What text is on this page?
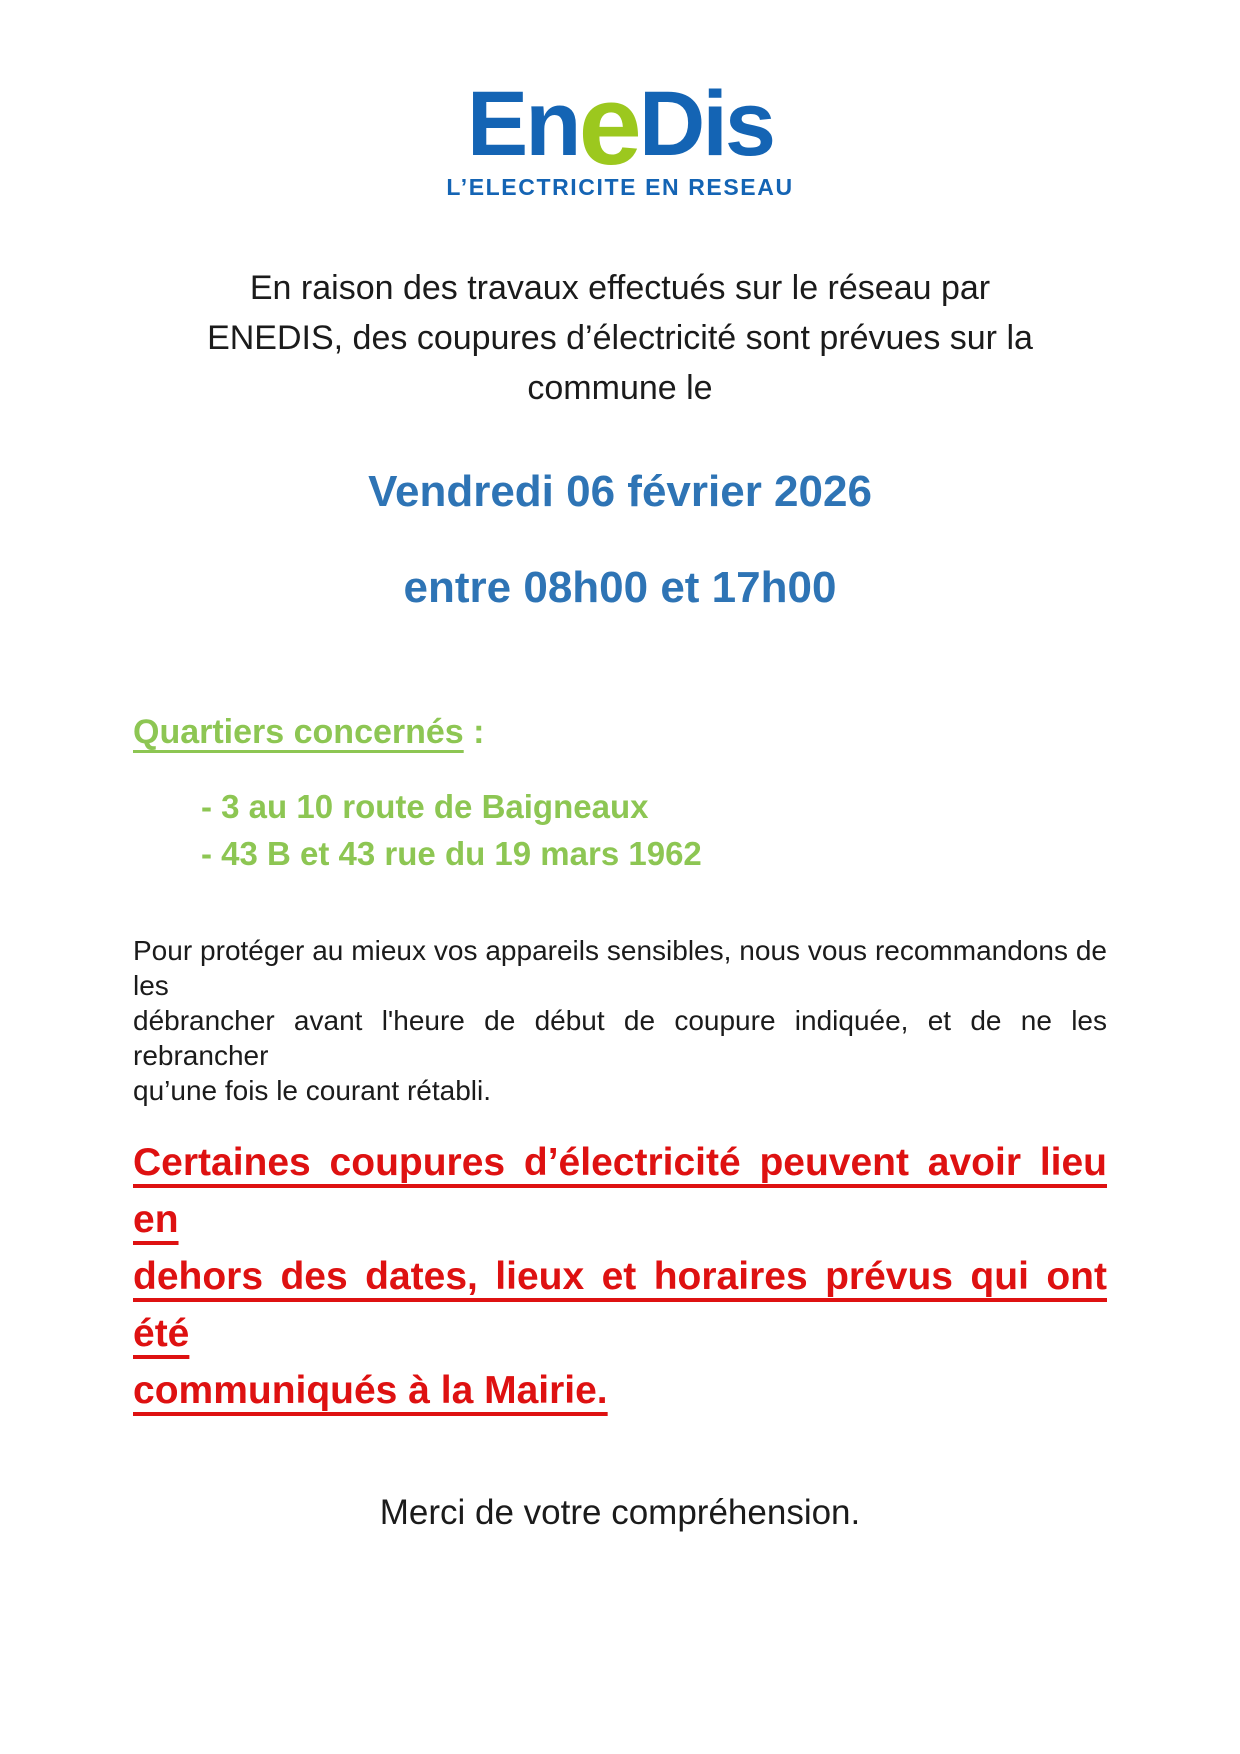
EneDis
L’ELECTRICITE EN RESEAU
En raison des travaux effectués sur le réseau par
ENEDIS, des coupures d’électricité sont prévues sur la
commune le
Vendredi 06 février 2026
entre 08h00 et 17h00
Quartiers concernés :
- 3 au 10 route de Baigneaux
- 43 B et 43 rue du 19 mars 1962
Pour protéger au mieux vos appareils sensibles, nous vous recommandons de les
débrancher avant l'heure de début de coupure indiquée, et de ne les rebrancher
qu’une fois le courant rétabli.
Certaines coupures d’électricité peuvent avoir lieu en
dehors des dates, lieux et horaires prévus qui ont été
communiqués à la Mairie.
Merci de votre compréhension.
